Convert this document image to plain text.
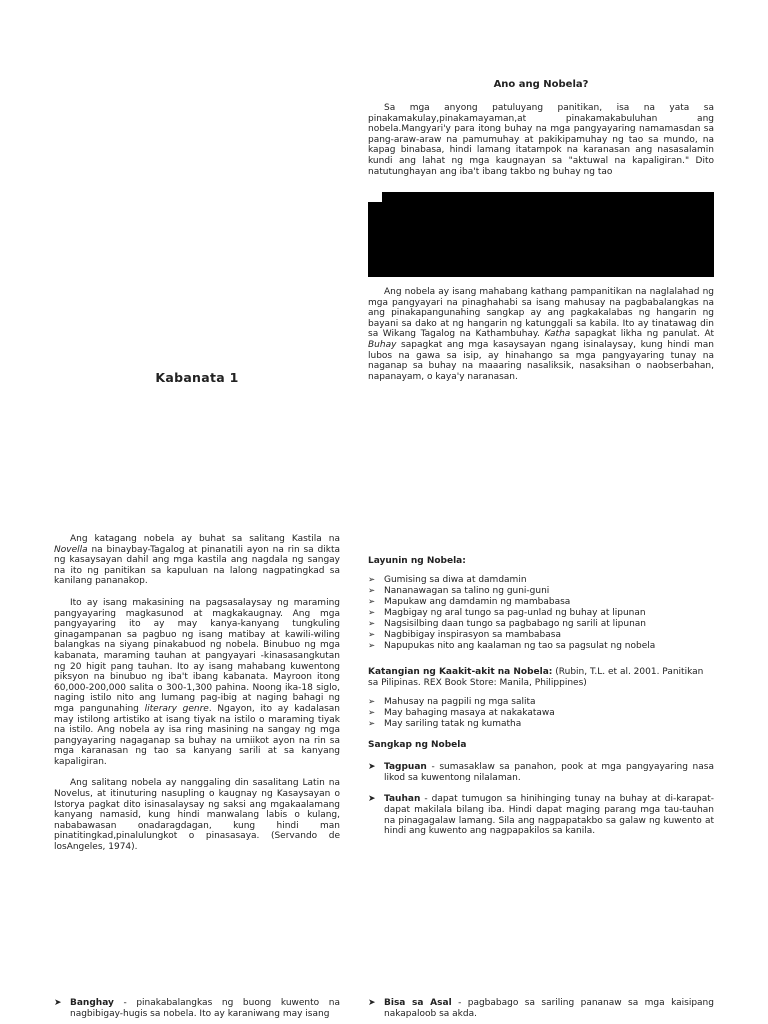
Ano ang Nobela?

Sa mga anyong patuluyang panitikan, isa na yata sa pinakamakulay,pinakamayaman,at pinakamakabuluhan ang nobela.Mangyari'y para itong buhay na mga pangyayaring namamasdan sa pang-araw-araw na pamumuhay at pakikipamuhay ng tao sa mundo, na kapag binabasa, hindi lamang itatampok na karanasan ang nasasalamin kundi ang lahat ng mga kaugnayan sa "aktuwal na kapaligiran." Dito natutunghayan ang iba't ibang takbo ng buhay ng tao

Ang nobela ay isang mahabang kathang pampanitikan na naglalahad ng mga pangyayari na pinaghahabi sa isang mahusay na pagbabalangkas na ang pinakapangunahing sangkap ay ang pagkakalabas ng hangarin ng bayani sa dako at ng hangarin ng katunggali sa kabila. Ito ay tinatawag din sa Wikang Tagalog na Kathambuhay. Katha sapagkat likha ng panulat. At Buhay sapagkat ang mga kasaysayan ngang isinalaysay, kung hindi man lubos na gawa sa isip, ay hinahango sa mga pangyayaring tunay na naganap sa buhay na maaaring nasaliksik, nasaksihan o naobserbahan, napanayam, o kaya'y naranasan.

Kabanata 1

Ang katagang nobela ay buhat sa salitang Kastila na Novella na binaybay-Tagalog at pinanatili ayon na rin sa dikta ng kasaysayan dahil ang mga kastila ang nagdala ng sangay na ito ng panitikan sa kapuluan na lalong nagpatingkad sa kanilang pananakop.

Ito ay isang makasining na pagsasalaysay ng maraming pangyayaring magkasunod at magkakaugnay. Ang mga pangyayaring ito ay may kanya-kanyang tungkuling ginagampanan sa pagbuo ng isang matibay at kawili-wiling balangkas na siyang pinakabuod ng nobela. Binubuo ng mga kabanata, maraming tauhan at pangyayari -kinasasangkutan ng 20 higit pang tauhan. Ito ay isang mahabang kuwentong piksyon na binubuo ng iba't ibang kabanata. Mayroon itong 60,000-200,000 salita o 300-1,300 pahina. Noong ika-18 siglo, naging istilo nito ang lumang pag-ibig at naging bahagi ng mga pangunahing literary genre. Ngayon, ito ay kadalasan may istilong artistiko at isang tiyak na istilo o maraming tiyak na istilo. Ang nobela ay isa ring masining na sangay ng mga pangyayaring nagaganap sa buhay na umiikot ayon na rin sa mga karanasan ng tao sa kanyang sarili at sa kanyang kapaligiran.

Ang salitang nobela ay nanggaling din sasalitang Latin na Novelus, at itinuturing nasupling o kaugnay ng Kasaysayan o Istorya pagkat dito isinasalaysay ng saksi ang mgakaalamang kanyang namasid, kung hindi manwalang labis o kulang, nababawasan onadaragdagan, kung hindi man pinatitingkad,pinalulungkot o pinasasaya. (Servando de losAngeles, 1974).

Layunin ng Nobela:

➢ Gumising sa diwa at damdamin
➢ Nananawagan sa talino ng guni-guni
➢ Mapukaw ang damdamin ng mambabasa
➢ Magbigay ng aral tungo sa pag-unlad ng buhay at lipunan
➢ Nagsisilbing daan tungo sa pagbabago ng sarili at lipunan
➢ Nagbibigay inspirasyon sa mambabasa
➢ Napupukas nito ang kaalaman ng tao sa pagsulat ng nobela

Katangian ng Kaakit-akit na Nobela: (Rubin, T.L. et al. 2001. Panitikan sa Pilipinas. REX Book Store: Manila, Philippines)

➢ Mahusay na pagpili ng mga salita
➢ May bahaging masaya at nakakatawa
➢ May sariling tatak ng kumatha

Sangkap ng Nobela

➤ Tagpuan - sumasaklaw sa panahon, pook at mga pangyayaring nasa likod sa kuwentong nilalaman.
➤ Tauhan - dapat tumugon sa hinihinging tunay na buhay at di-karapat-dapat makilala bilang iba. Hindi dapat maging parang mga tau-tauhan na pinagagalaw lamang. Sila ang nagpapatakbo sa galaw ng kuwento at hindi ang kuwento ang nagpapakilos sa kanila.
➤ Banghay - pinakabalangkas ng buong kuwento na nagbibigay-hugis sa nobela. Ito ay karaniwang may isang
➤ Bisa sa Asal - pagbabago sa sariling pananaw sa mga kaisipang nakapaloob sa akda.
